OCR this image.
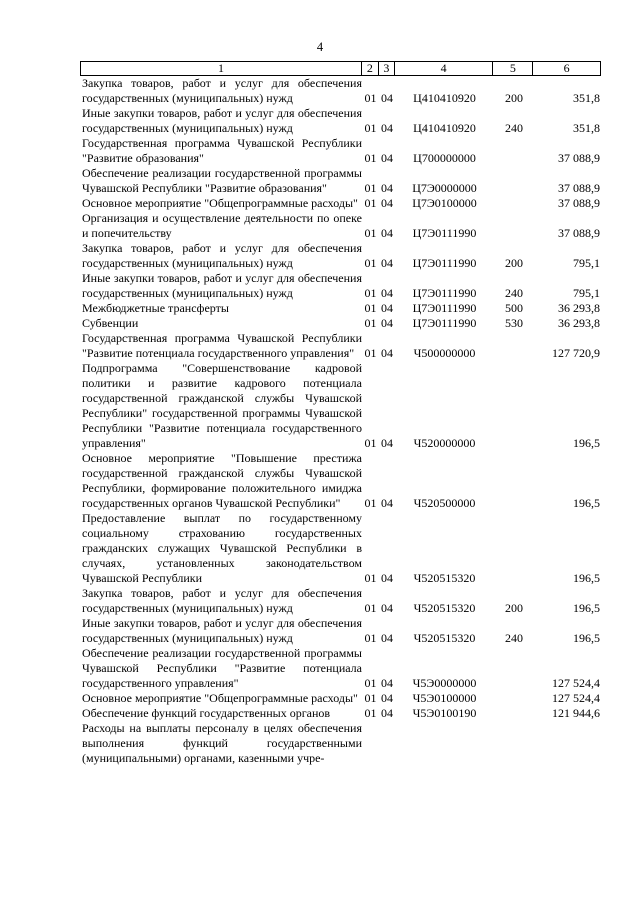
4
1	2 3	4	5	6
Закупка товаров, работ и услуг для обеспечения государственных (муниципальных) нужд	01 04	Ц410410920	200	351,8
Иные закупки товаров, работ и услуг для обеспечения государственных (муниципальных) нужд	01 04	Ц410410920	240	351,8
Государственная программа Чувашской Республики "Развитие образования"	01 04	Ц700000000	37 088,9
Обеспечение реализации государственной программы Чувашской Республики "Развитие образования"	01 04	Ц7Э0000000	37 088,9
Основное мероприятие "Общепрограммные расходы" 01 04	Ц7Э0100000	37 088,9
Организация и осуществление деятельности по опеке и попечительству	01 04	Ц7Э0111990	37 088,9
Закупка товаров, работ и услуг для обеспечения государственных (муниципальных) нужд	01 04	Ц7Э0111990	200	795,1
Иные закупки товаров, работ и услуг для обеспечения государственных (муниципальных) нужд	01 04	Ц7Э0111990	240	795,1
Межбюджетные трансферты	01 04	Ц7Э0111990	500	36 293,8
Субвенции	01 04	Ц7Э0111990	530	36 293,8
Государственная программа Чувашской Республики "Развитие потенциала государственного управления" 01 04	Ч500000000	127 720,9
Подпрограмма "Совершенствование кадровой политики и развитие кадрового потенциала государственной гражданской службы Чувашской Республики" государственной программы Чувашской Республики "Развитие потенциала государственного управления"	01 04	Ч520000000	196,5
Основное мероприятие "Повышение престижа государственной гражданской службы Чувашской Республики, формирование положительного имиджа государственных органов Чувашской Республики"	01 04	Ч520500000	196,5
Предоставление выплат по государственному социальному страхованию государственных гражданских служащих Чувашской Республики в случаях, установленных законодательством Чувашской Республики	01 04	Ч520515320	196,5
Закупка товаров, работ и услуг для обеспечения государственных (муниципальных) нужд	01 04	Ч520515320	200	196,5
Иные закупки товаров, работ и услуг для обеспечения государственных (муниципальных) нужд	01 04	Ч520515320	240	196,5
Обеспечение реализации государственной программы Чувашской Республики "Развитие потенциала государственного управления"	01 04	Ч5Э0000000	127 524,4
Основное мероприятие "Общепрограммные расходы" 01 04	Ч5Э0100000	127 524,4
Обеспечение функций государственных органов	01 04	Ч5Э0100190	121 944,6
Расходы на выплаты персоналу в целях обеспечения выполнения функций государственными (муниципальными) органами, казенными учре-
